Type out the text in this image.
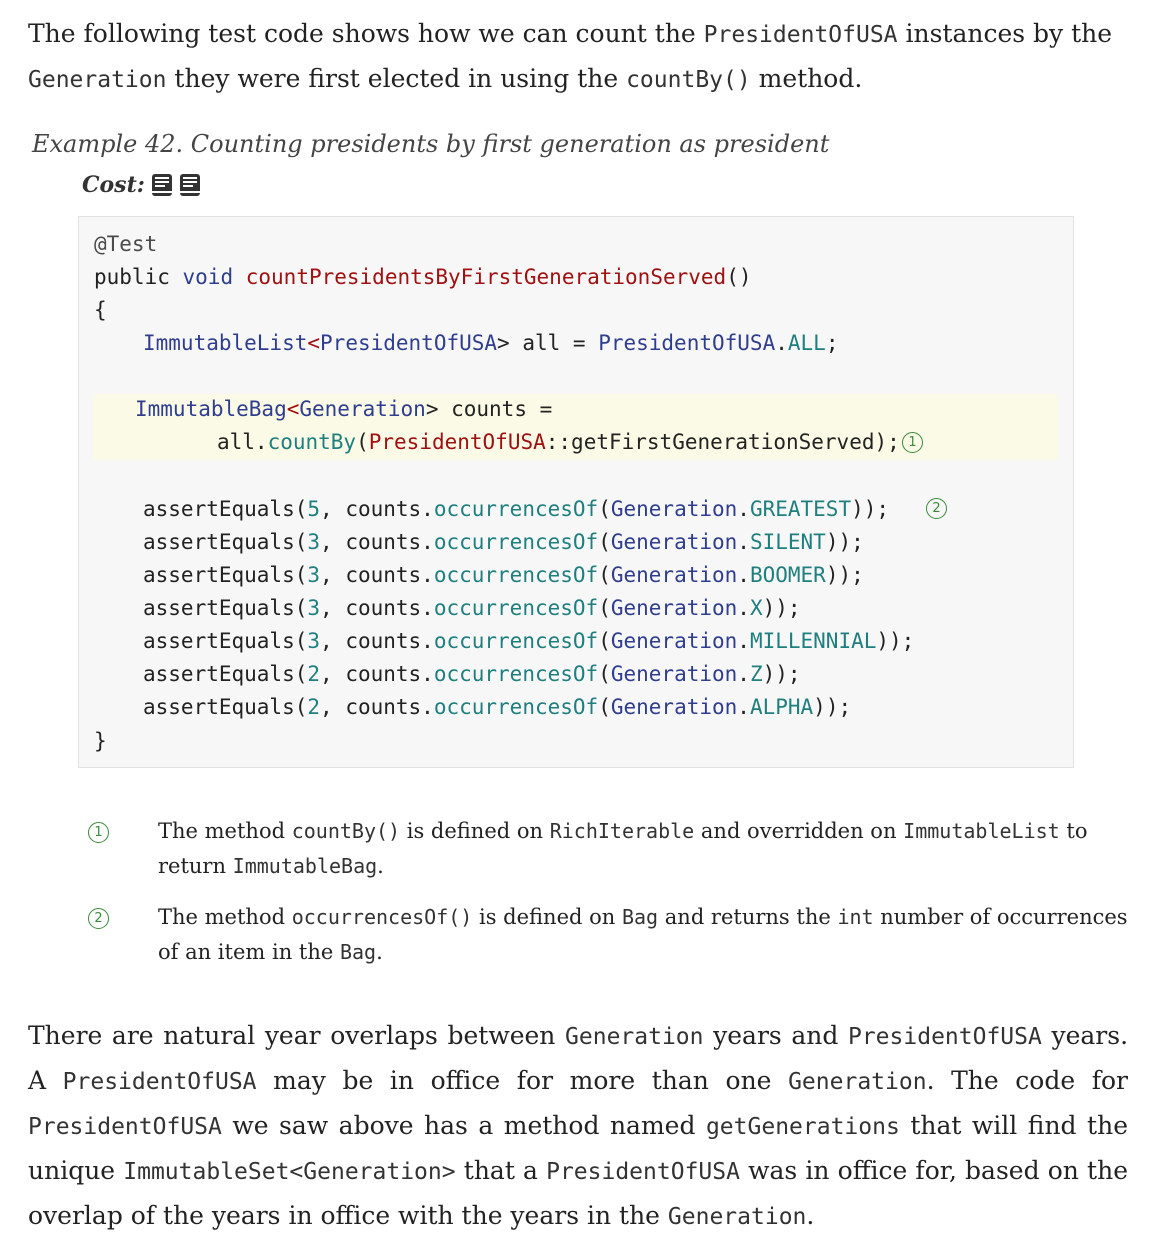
The following test code shows how we can count the PresidentOfUSA instances by the Generation they were first elected in using the countBy() method.
Example 42. Counting presidents by first generation as president
Cost:
@Test
public void countPresidentsByFirstGenerationServed()
{
ImmutableList<PresidentOfUSA> all = PresidentOfUSA.ALL;
ImmutableBag<Generation> counts =
all.countBy(PresidentOfUSA::getFirstGenerationServed); 1
assertEquals(5, counts.occurrencesOf(Generation.GREATEST));
assertEquals(3, counts.occurrencesOf(Generation.SILENT));
assertEquals(3, counts.occurrencesOf(Generation.BOOMER));
assertEquals(3, counts.occurrencesOf(Generation.X));
assertEquals(3, counts.occurrencesOf(Generation.MILLENNIAL));
assertEquals(2, counts.occurrencesOf(Generation.Z));
assertEquals(2, counts.occurrencesOf(Generation.ALPHA));
2
}
1	The method countBy() is defined on RichIterable and overridden on ImmutableList to return ImmutableBag.
2	The method occurrencesOf() is defined on Bag and returns the int number of occurrences of an item in the Bag.
There are natural year overlaps between Generation years and PresidentOfUSA years. A PresidentOfUSA may be in office for more than one Generation. The code for PresidentOfUSA we saw above has a method named getGenerations that will find the unique ImmutableSet<Generation> that a PresidentOfUSA was in office for, based on the overlap of the years in office with the years in the Generation.
